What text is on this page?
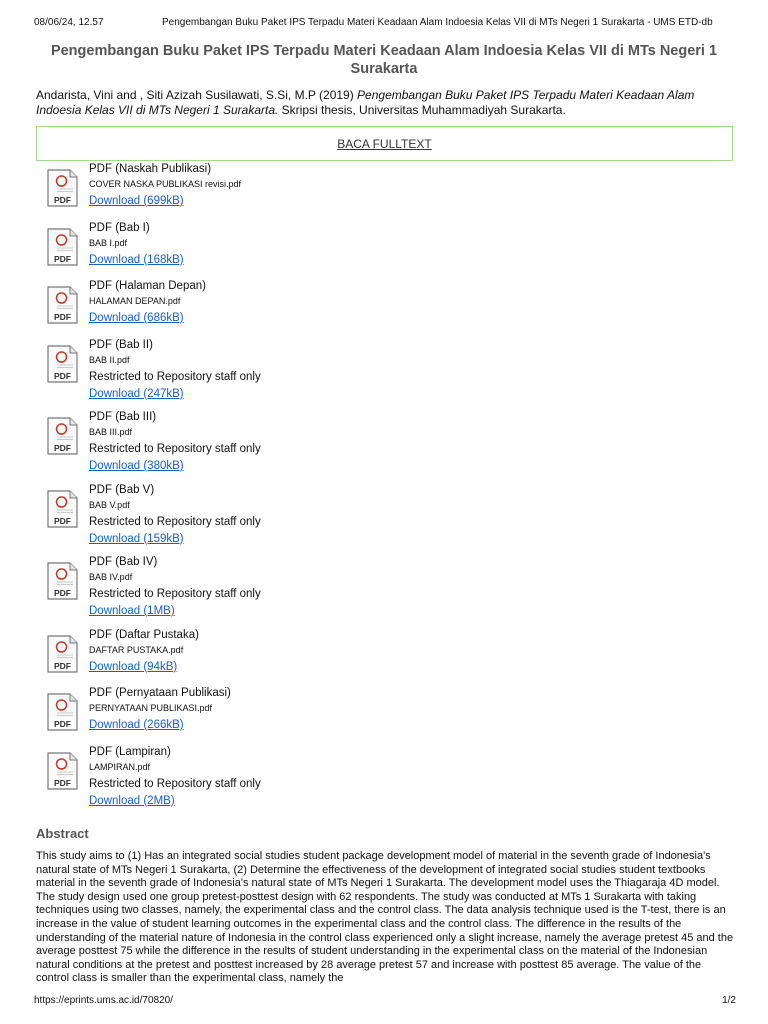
08/06/24, 12.57	Pengembangan Buku Paket IPS Terpadu Materi Keadaan Alam Indoesia Kelas VII di MTs Negeri 1 Surakarta - UMS ETD-db
Pengembangan Buku Paket IPS Terpadu Materi Keadaan Alam Indoesia Kelas VII di MTs Negeri 1 Surakarta

Andarista, Vini and , Siti Azizah Susilawati, S.Si, M.P (2019) Pengembangan Buku Paket IPS Terpadu Materi Keadaan Alam Indoesia Kelas VII di MTs Negeri 1 Surakarta. Skripsi thesis, Universitas Muhammadiyah Surakarta.

BACA FULLTEXT
PDF
PDF (Naskah Publikasi)
COVER NASKA PUBLIKASI revisi.pdf
Download (699kB)
PDF
PDF (Bab I)
BAB I.pdf
Download (168kB)
PDF
PDF (Halaman Depan)
HALAMAN DEPAN.pdf
Download (686kB)
PDF
PDF (Bab II)
BAB II.pdf
Restricted to Repository staff only
Download (247kB)
PDF
PDF (Bab III)
BAB III.pdf
Restricted to Repository staff only
Download (380kB)
PDF
PDF (Bab V)
BAB V.pdf
Restricted to Repository staff only
Download (159kB)
PDF
PDF (Bab IV)
BAB IV.pdf
Restricted to Repository staff only
Download (1MB)
PDF
PDF (Daftar Pustaka)
DAFTAR PUSTAKA.pdf
Download (94kB)
PDF
PDF (Pernyataan Publikasi)
PERNYATAAN PUBLIKASI.pdf
Download (266kB)
PDF
PDF (Lampiran)
LAMPIRAN.pdf
Restricted to Repository staff only
Download (2MB)
Abstract

This study aims to (1) Has an integrated social studies student package development model of material in the seventh grade of Indonesia's natural state of MTs Negeri 1 Surakarta, (2) Determine the effectiveness of the development of integrated social studies student textbooks material in the seventh grade of Indonesia's natural state of MTs Negeri 1 Surakarta. The development model uses the Thiagaraja 4D model. The study design used one group pretest-posttest design with 62 respondents. The study was conducted at MTs 1 Surakarta with taking techniques using two classes, namely, the experimental class and the control class. The data analysis technique used is the T-test, there is an increase in the value of student learning outcomes in the experimental class and the control class. The difference in the results of the understanding of the material nature of Indonesia in the control class experienced only a slight increase, namely the average pretest 45 and the average posttest 75 while the difference in the results of student understanding in the experimental class on the material of the Indonesian natural conditions at the pretest and posttest increased by 28 average pretest 57 and increase with posttest 85 average. The value of the control class is smaller than the experimental class, namely the

https://eprints.ums.ac.id/70820/	1/2
